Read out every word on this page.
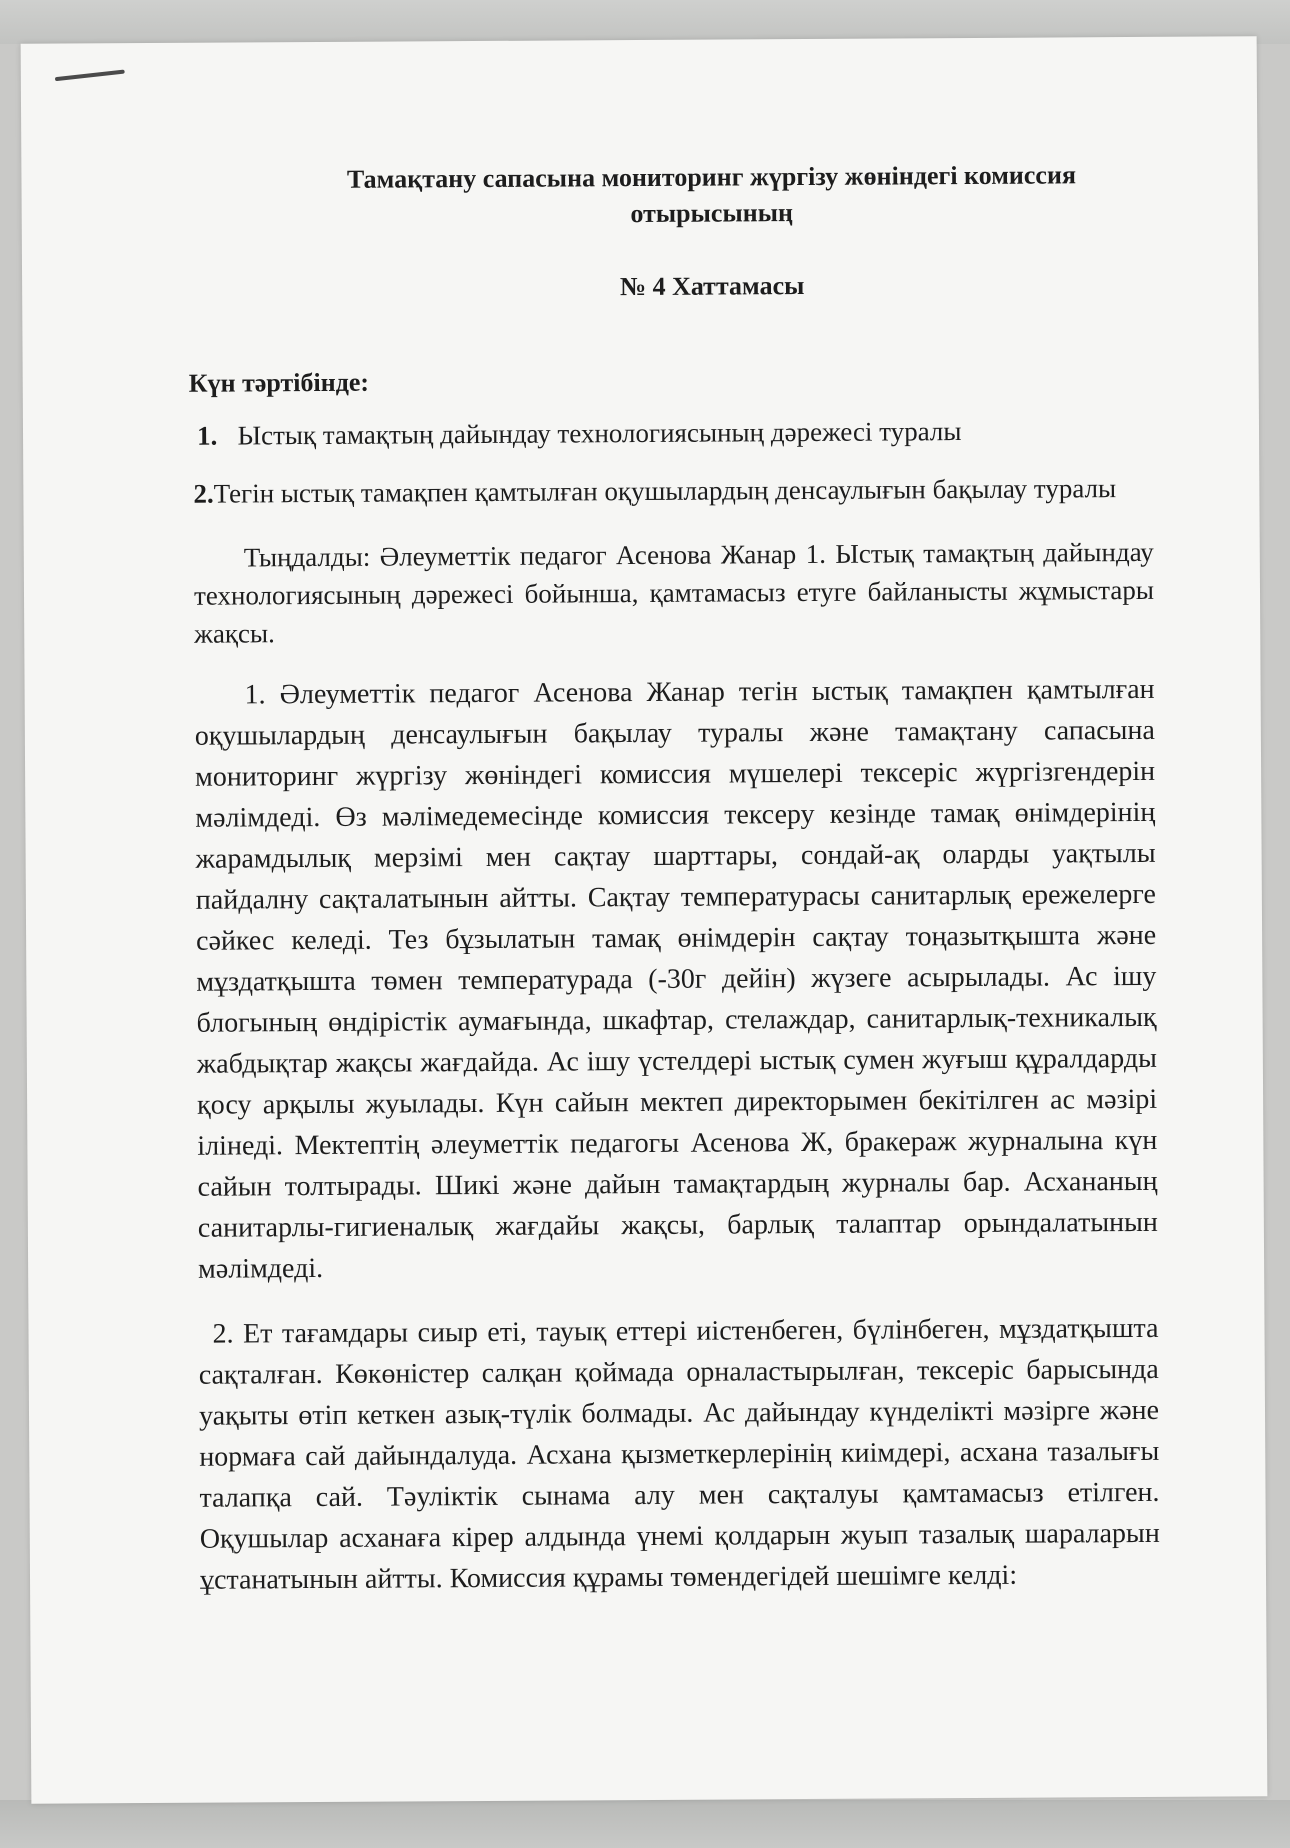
Тамақтану сапасына мониторинг жүргізу жөніндегі комиссия отырысының

№ 4 Хаттамасы

Күн тәртібінде:

1. Ыстық тамақтың дайындау технологиясының дәрежесі туралы
2.Тегін ыстық тамақпен қамтылған оқушылардың денсаулығын бақылау туралы

Тыңдалды: Әлеуметтік педагог Асенова Жанар 1. Ыстық тамақтың дайындау технологиясының дәрежесі бойынша, қамтамасыз етуге байланысты жұмыстары жақсы.

1. Әлеуметтік педагог Асенова Жанар тегін ыстық тамақпен қамтылған оқушылардың денсаулығын бақылау туралы және тамақтану сапасына мониторинг жүргізу жөніндегі комиссия мүшелері тексеріс жүргізгендерін мәлімдеді. Өз мәлімедемесінде комиссия тексеру кезінде тамақ өнімдерінің жарамдылық мерзімі мен сақтау шарттары, сондай-ақ оларды уақтылы пайдалну сақталатынын айтты. Сақтау температурасы санитарлық ережелерге сәйкес келеді. Тез бұзылатын тамақ өнімдерін сақтау тоңазытқышта және мұздатқышта төмен температурада (-30г дейін) жүзеге асырылады. Ас ішу блогының өндірістік аумағында, шкафтар, стелаждар, санитарлық-техникалық жабдықтар жақсы жағдайда. Ас ішу үстелдері ыстық сумен жуғыш құралдарды қосу арқылы жуылады. Күн сайын мектеп директорымен бекітілген ас мәзірі ілінеді. Мектептің әлеуметтік педагогы Асенова Ж, бракераж журналына күн сайын толтырады. Шикі және дайын тамақтардың журналы бар. Асхананың санитарлы-гигиеналық жағдайы жақсы, барлық талаптар орындалатынын мәлімдеді.

2. Ет тағамдары сиыр еті, тауық еттері иістенбеген, бүлінбеген, мұздатқышта сақталған. Көкөністер салқан қоймада орналастырылған, тексеріс барысында уақыты өтіп кеткен азық-түлік болмады. Ас дайындау күнделікті мәзірге және нормаға сай дайындалуда. Асхана қызметкерлерінің киімдері, асхана тазалығы талапқа сай. Тәуліктік сынама алу мен сақталуы қамтамасыз етілген. Оқушылар асханаға кірер алдында үнемі қолдарын жуып тазалық шараларын ұстанатынын айтты. Комиссия құрамы төмендегідей шешімге келді:
